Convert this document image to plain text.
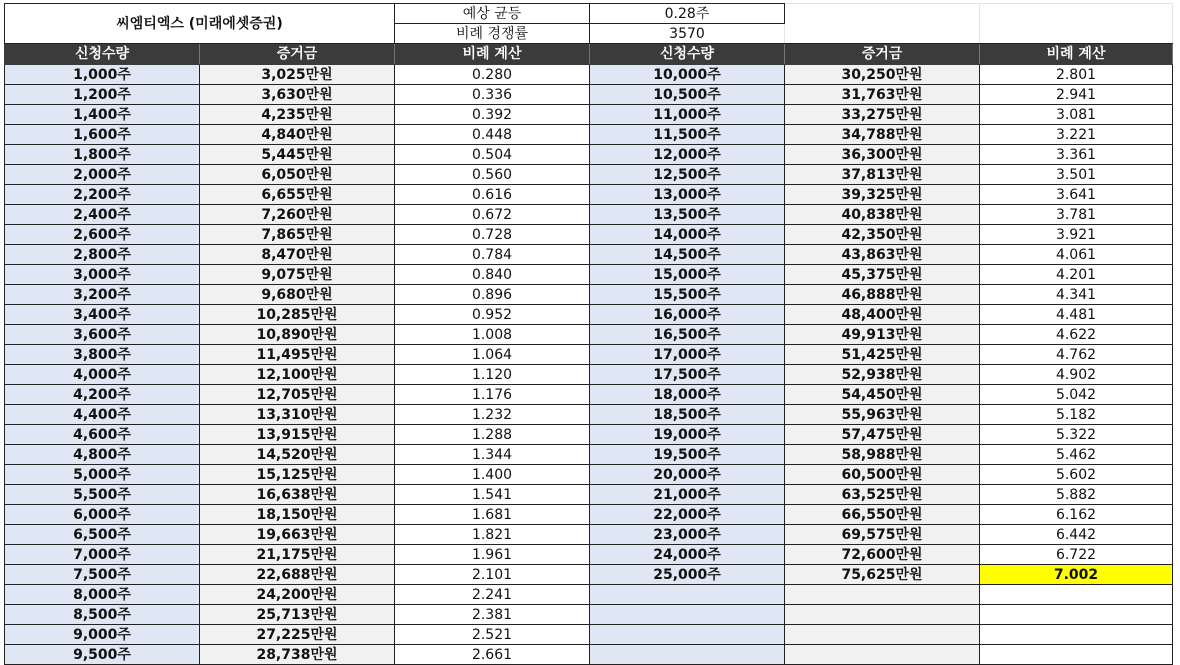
씨엠티엑스 (미래에셋증권)		예상 균등	0.28주		
		비례 경쟁률	3570		
신청수량	증거금	비례 계산	신청수량	증거금	비례 계산
1,000주	3,025만원	0.280	10,000주	30,250만원	2.801
1,200주	3,630만원	0.336	10,500주	31,763만원	2.941
1,400주	4,235만원	0.392	11,000주	33,275만원	3.081
1,600주	4,840만원	0.448	11,500주	34,788만원	3.221
1,800주	5,445만원	0.504	12,000주	36,300만원	3.361
2,000주	6,050만원	0.560	12,500주	37,813만원	3.501
2,200주	6,655만원	0.616	13,000주	39,325만원	3.641
2,400주	7,260만원	0.672	13,500주	40,838만원	3.781
2,600주	7,865만원	0.728	14,000주	42,350만원	3.921
2,800주	8,470만원	0.784	14,500주	43,863만원	4.061
3,000주	9,075만원	0.840	15,000주	45,375만원	4.201
3,200주	9,680만원	0.896	15,500주	46,888만원	4.341
3,400주	10,285만원	0.952	16,000주	48,400만원	4.481
3,600주	10,890만원	1.008	16,500주	49,913만원	4.622
3,800주	11,495만원	1.064	17,000주	51,425만원	4.762
4,000주	12,100만원	1.120	17,500주	52,938만원	4.902
4,200주	12,705만원	1.176	18,000주	54,450만원	5.042
4,400주	13,310만원	1.232	18,500주	55,963만원	5.182
4,600주	13,915만원	1.288	19,000주	57,475만원	5.322
4,800주	14,520만원	1.344	19,500주	58,988만원	5.462
5,000주	15,125만원	1.400	20,000주	60,500만원	5.602
5,500주	16,638만원	1.541	21,000주	63,525만원	5.882
6,000주	18,150만원	1.681	22,000주	66,550만원	6.162
6,500주	19,663만원	1.821	23,000주	69,575만원	6.442
7,000주	21,175만원	1.961	24,000주	72,600만원	6.722
7,500주	22,688만원	2.101	25,000주	75,625만원	7.002
8,000주	24,200만원	2.241			
8,500주	25,713만원	2.381			
9,000주	27,225만원	2.521			
9,500주	28,738만원	2.661			
